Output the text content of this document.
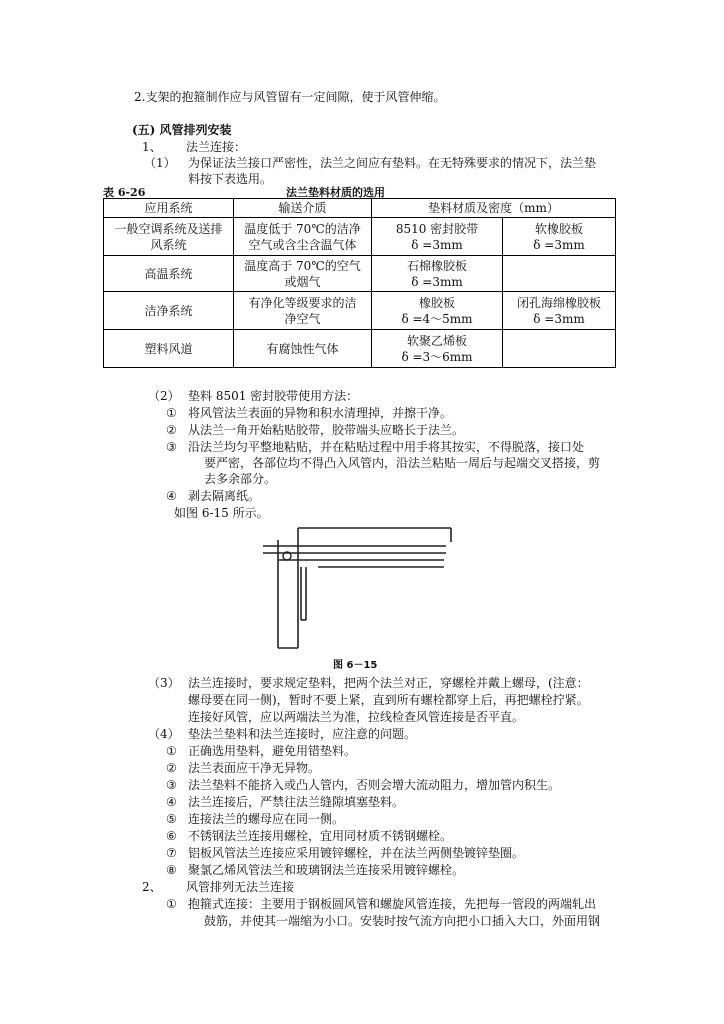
2.支架的抱箍制作应与风管留有一定间隙，使于风管伸缩。
(五) 风管排列安装
1、 法兰连接：
（1） 为保证法兰接口严密性，法兰之间应有垫料。在无特殊要求的情况下，法兰垫
料按下表选用。
表 6-26	法兰垫料材质的选用
应用系统	输送介质	垫料材质及密度（mm）	

一般空调系统及送排
风系统	温度低于 70℃的洁净
空气或含尘含温气体	8510 密封胶带
δ =3mm	软橡胶板
δ =3mm

高温系统	温度高于 70℃的空气
或烟气	石棉橡胶板
δ =3mm	

洁净系统	有净化等级要求的洁
净空气	橡胶板
δ =4～5mm	闭孔海绵橡胶板
δ =3mm

塑料风道	有腐蚀性气体	软聚乙烯板
δ =3～6mm	

（2） 垫料 8501 密封胶带使用方法：
① 将风管法兰表面的异物和积水清理掉，并擦干净。
② 从法兰一角开始粘贴胶带，胶带端头应略长于法兰。
③ 沿法兰均匀平整地粘贴，并在粘贴过程中用手将其按实，不得脱落，接口处
要严密，各部位均不得凸入风管内，沿法兰粘贴一周后与起端交叉搭接，剪
去多余部分。
④ 剥去隔离纸。
如图 6-15 所示。
图 6－15
（3） 法兰连接时，要求规定垫料，把两个法兰对正，穿螺栓并戴上螺母，(注意：
螺母要在同一侧)，暂时不要上紧，直到所有螺栓都穿上后，再把螺栓拧紧。
连接好风管，应以两端法兰为准，拉线检查风管连接是否平直。
（4） 垫法兰垫料和法兰连接时，应注意的问题。
① 正确选用垫料，避免用错垫料。
② 法兰表面应干净无异物。
③ 法兰垫料不能挤入或凸人管内，否则会增大流动阻力，增加管内积生。
④ 法兰连接后，严禁往法兰缝隙填塞垫料。
⑤ 连接法兰的螺母应在同一侧。
⑥ 不锈钢法兰连接用螺栓，宜用同材质不锈钢螺栓。
⑦ 铝板风管法兰连接应采用镀锌螺栓，并在法兰两侧垫镀锌垫圈。
⑧ 聚氯乙烯风管法兰和玻璃钢法兰连接采用镀锌螺栓。
2、 风管排列无法兰连接
① 抱箍式连接：主要用于钢板圆风管和螺旋风管连接，先把每一管段的两端轧出
鼓筋，并使其一端缩为小口。安装时按气流方向把小口插入大口，外面用钢
